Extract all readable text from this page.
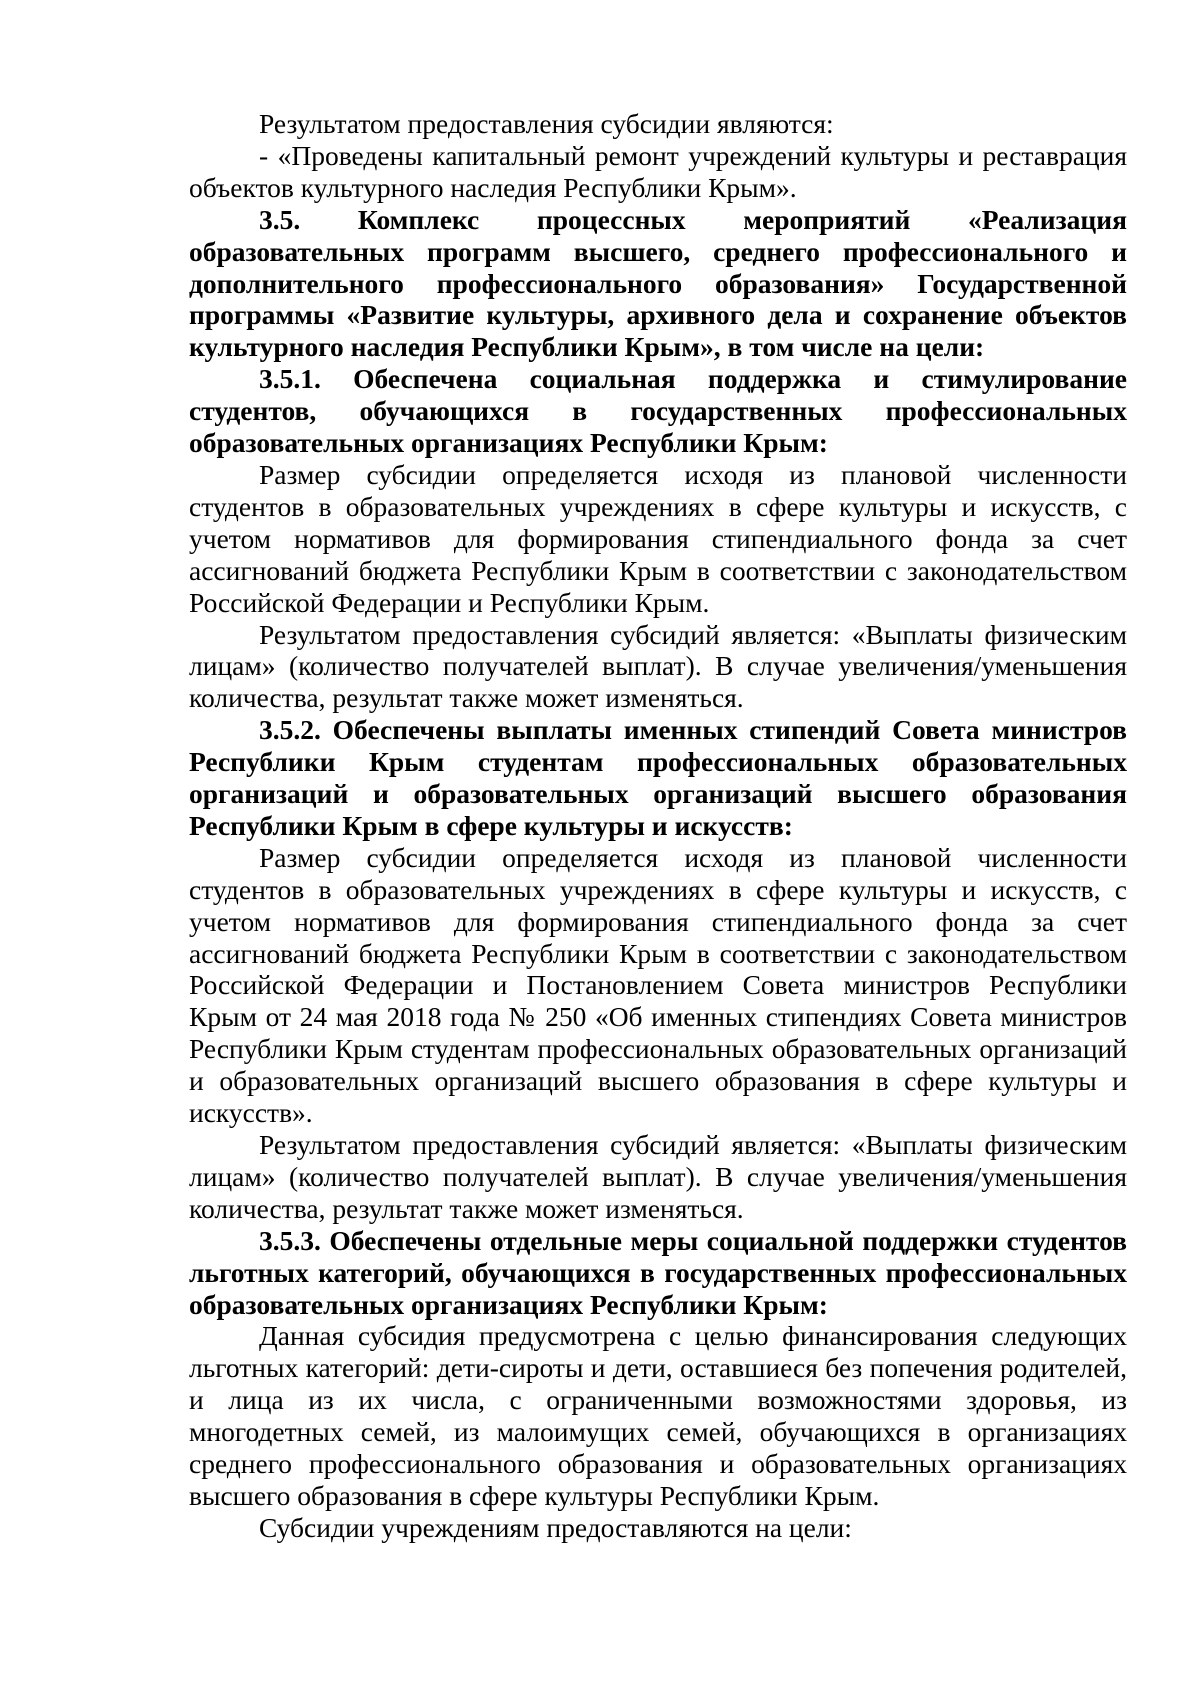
Результатом предоставления субсидии являются:

- «Проведены капитальный ремонт учреждений культуры и реставрация объектов культурного наследия Республики Крым».

3.5. Комплекс процессных мероприятий «Реализация образовательных программ высшего, среднего профессионального и дополнительного профессионального образования» Государственной программы «Развитие культуры, архивного дела и сохранение объектов культурного наследия Республики Крым», в том числе на цели:

3.5.1. Обеспечена социальная поддержка и стимулирование студентов, обучающихся в государственных профессиональных образовательных организациях Республики Крым:

Размер субсидии определяется исходя из плановой численности студентов в образовательных учреждениях в сфере культуры и искусств, с учетом нормативов для формирования стипендиального фонда за счет ассигнований бюджета Республики Крым в соответствии с законодательством Российской Федерации и Республики Крым.

Результатом предоставления субсидий является: «Выплаты физическим лицам» (количество получателей выплат). В случае увеличения/уменьшения количества, результат также может изменяться.

3.5.2. Обеспечены выплаты именных стипендий Совета министров Республики Крым студентам профессиональных образовательных организаций и образовательных организаций высшего образования Республики Крым в сфере культуры и искусств:

Размер субсидии определяется исходя из плановой численности студентов в образовательных учреждениях в сфере культуры и искусств, с учетом нормативов для формирования стипендиального фонда за счет ассигнований бюджета Республики Крым в соответствии с законодательством Российской Федерации и Постановлением Совета министров Республики Крым от 24 мая 2018 года № 250 «Об именных стипендиях Совета министров Республики Крым студентам профессиональных образовательных организаций и образовательных организаций высшего образования в сфере культуры и искусств».

Результатом предоставления субсидий является: «Выплаты физическим лицам» (количество получателей выплат). В случае увеличения/уменьшения количества, результат также может изменяться.

3.5.3. Обеспечены отдельные меры социальной поддержки студентов льготных категорий, обучающихся в государственных профессиональных образовательных организациях Республики Крым:

Данная субсидия предусмотрена с целью финансирования следующих льготных категорий: дети-сироты и дети, оставшиеся без попечения родителей, и лица из их числа, с ограниченными возможностями здоровья, из многодетных семей, из малоимущих семей, обучающихся в организациях среднего профессионального образования и образовательных организациях высшего образования в сфере культуры Республики Крым.

Субсидии учреждениям предоставляются на цели:
